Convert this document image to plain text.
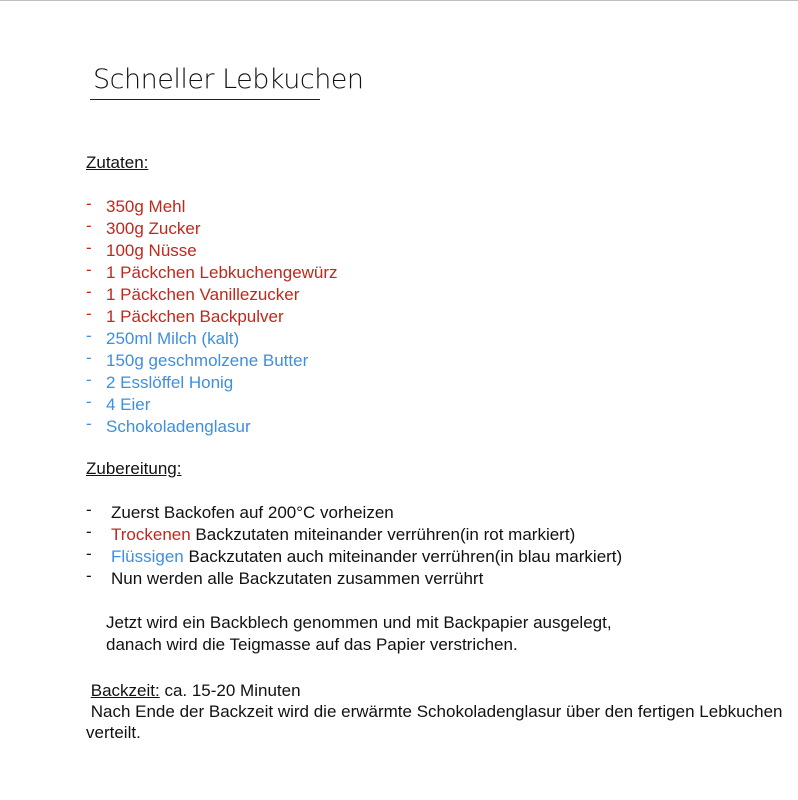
Schneller Lebkuchen
Zutaten:
- 350g Mehl
- 300g Zucker
- 100g Nüsse
- 1 Päckchen Lebkuchengewürz
- 1 Päckchen Vanillezucker
- 1 Päckchen Backpulver
- 250ml Milch (kalt)
- 150g geschmolzene Butter
- 2 Esslöffel Honig
- 4 Eier
- Schokoladenglasur
Zubereitung:
- Zuerst Backofen auf 200°C vorheizen
- Trockenen Backzutaten miteinander verrühren(in rot markiert)
- Flüssigen Backzutaten auch miteinander verrühren(in blau markiert)
- Nun werden alle Backzutaten zusammen verrührt
Jetzt wird ein Backblech genommen und mit Backpapier ausgelegt,
danach wird die Teigmasse auf das Papier verstrichen.
Backzeit: ca. 15-20 Minuten
Nach Ende der Backzeit wird die erwärmte Schokoladenglasur über den fertigen Lebkuchen verteilt.
